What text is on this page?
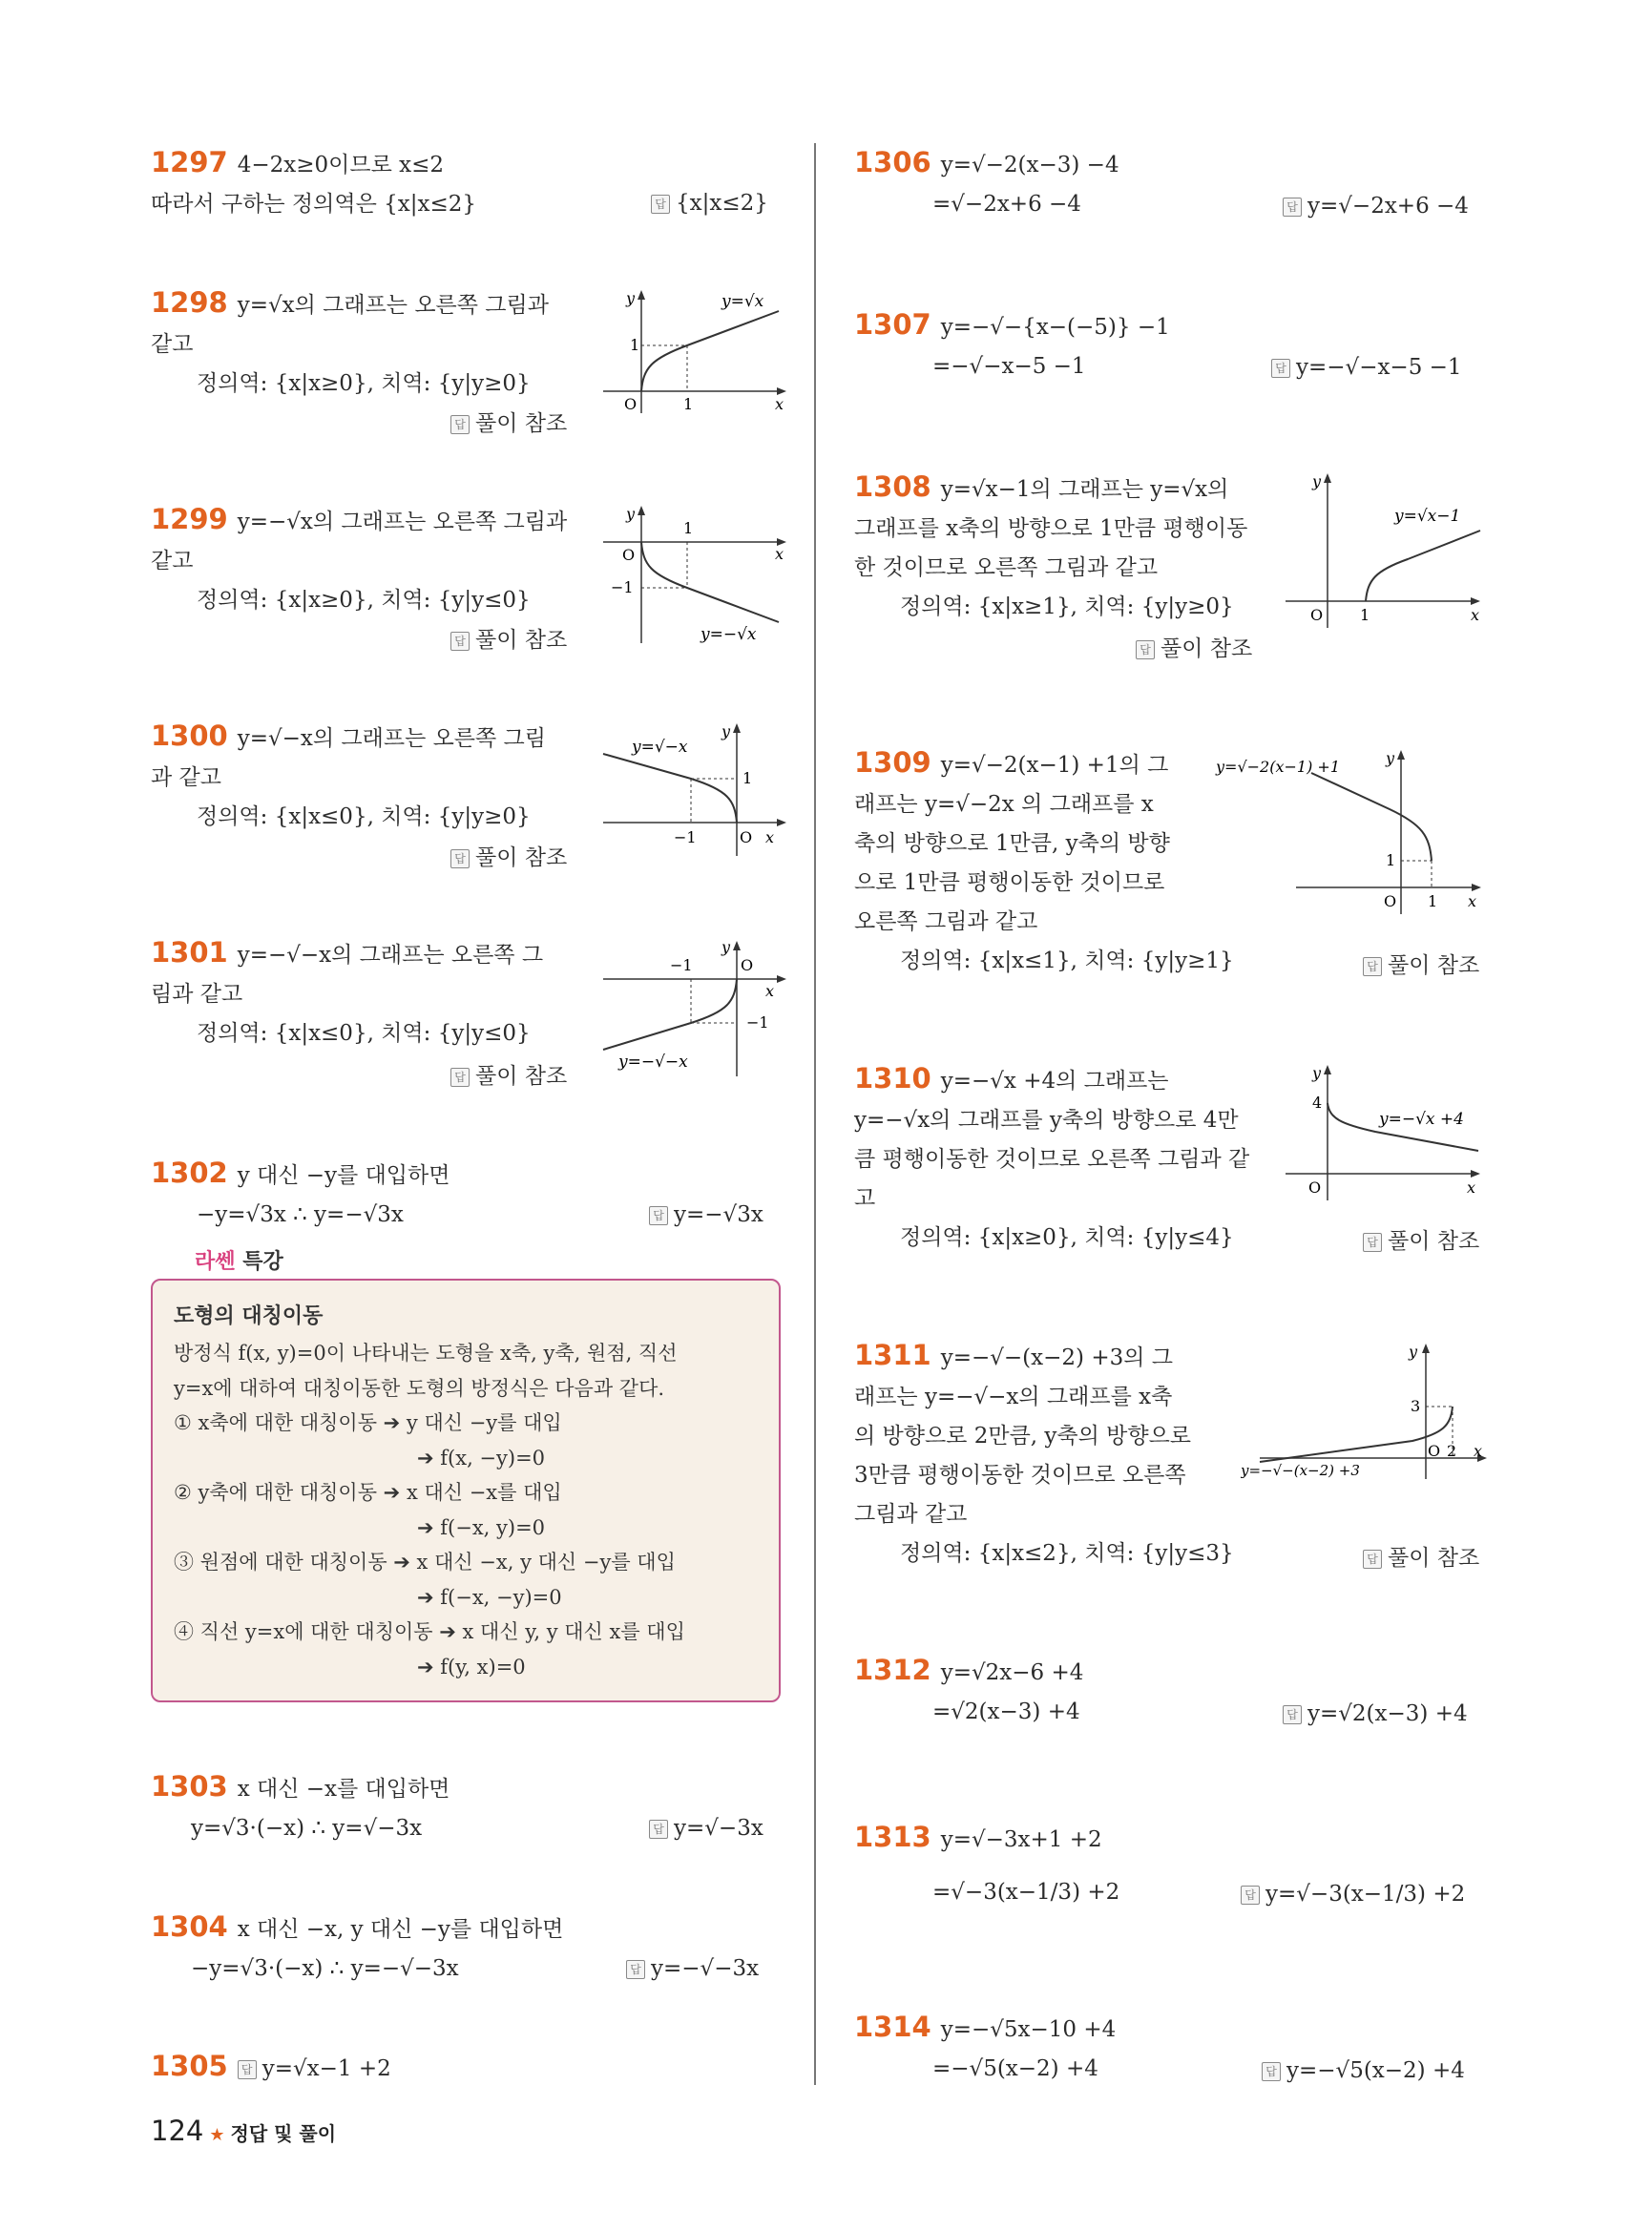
1297 4−2x≥0이므로 x≤2
따라서 구하는 정의역은 {x|x≤2}	답 {x|x≤2}
1298 y=√x의 그래프는 오른쪽 그림과
같고
정의역: {x|x≥0}, 치역: {y|y≥0}
답 풀이 참조
y=√x
1
1
O	x
y
1299 y=−√x의 그래프는 오른쪽 그림과
같고
정의역: {x|x≥0}, 치역: {y|y≤0}
답 풀이 참조	y=−√x
1
−1
O	x
y
1300 y=√−x의 그래프는 오른쪽 그림
과 같고
정의역: {x|x≤0}, 치역: {y|y≥0}
답 풀이 참조
y=√−x
1
−1	O x
y
1301 y=−√−x의 그래프는 오른쪽 그
림과 같고
정의역: {x|x≤0}, 치역: {y|y≤0}
답 풀이 참조
y=−√−x
−1
−1
O
x
y
1302 y 대신 −y를 대입하면
−y=√3x ∴ y=−√3x	답 y=−√3x
도형의 대칭이동
방정식 f(x, y)=0이 나타내는 도형을 x축, y축, 원점, 직선
y=x에 대하여 대칭이동한 도형의 방정식은 다음과 같다.
① x축에 대한 대칭이동 ➔ y 대신 −y를 대입
➔ f(x, −y)=0
② y축에 대한 대칭이동 ➔ x 대신 −x를 대입
➔ f(−x, y)=0
③ 원점에 대한 대칭이동 ➔ x 대신 −x, y 대신 −y를 대입
➔ f(−x, −y)=0
④ 직선 y=x에 대한 대칭이동 ➔ x 대신 y, y 대신 x를 대입
➔ f(y, x)=0
라쎈 특강
1303 x 대신 −x를 대입하면
y=√3·(−x) ∴ y=√−3x	답 y=√−3x
1304 x 대신 −x, y 대신 −y를 대입하면
−y=√3·(−x) ∴ y=−√−3x	답 y=−√−3x
1305 답 y=√x−1 +2
1306 y=√−2(x−3) −4
=√−2x+6 −4	답 y=√−2x+6 −4
1307 y=−√−{x−(−5)} −1
=−√−x−5 −1	답 y=−√−x−5 −1
1308 y=√x−1의 그래프는 y=√x의
그래프를 x축의 방향으로 1만큼 평행이동
한 것이므로 오른쪽 그림과 같고
정의역: {x|x≥1}, 치역: {y|y≥0}
답 풀이 참조
y=√x−1
1
O	x
y
1309 y=√−2(x−1) +1의 그
래프는 y=√−2x 의 그래프를 x
축의 방향으로 1만큼, y축의 방향
으로 1만큼 평행이동한 것이므로
오른쪽 그림과 같고
정의역: {x|x≤1}, 치역: {y|y≥1}	답 풀이 참조
y=√−2(x−1) +1
1
1
O	x
y
1310 y=−√x +4의 그래프는
y=−√x의 그래프를 y축의 방향으로 4만
큼 평행이동한 것이므로 오른쪽 그림과 같
고
정의역: {x|x≥0}, 치역: {y|y≤4}	답 풀이 참조
y=−√x +4
4
O	x
y
1311 y=−√−(x−2) +3의 그
래프는 y=−√−x의 그래프를 x축
의 방향으로 2만큼, y축의 방향으로
3만큼 평행이동한 것이므로 오른쪽
그림과 같고
정의역: {x|x≤2}, 치역: {y|y≤3}	답 풀이 참조
y=−√−(x−2) +3
3
2
O x
y
1312 y=√2x−6 +4
=√2(x−3) +4	답 y=√2(x−3) +4
1313 y=√−3x+1 +2
=√−3(x−1/3) +2	답 y=√−3(x−1/3) +2
1314 y=−√5x−10 +4
=−√5(x−2) +4	답 y=−√5(x−2) +4
124 ★ 정답 및 풀이
